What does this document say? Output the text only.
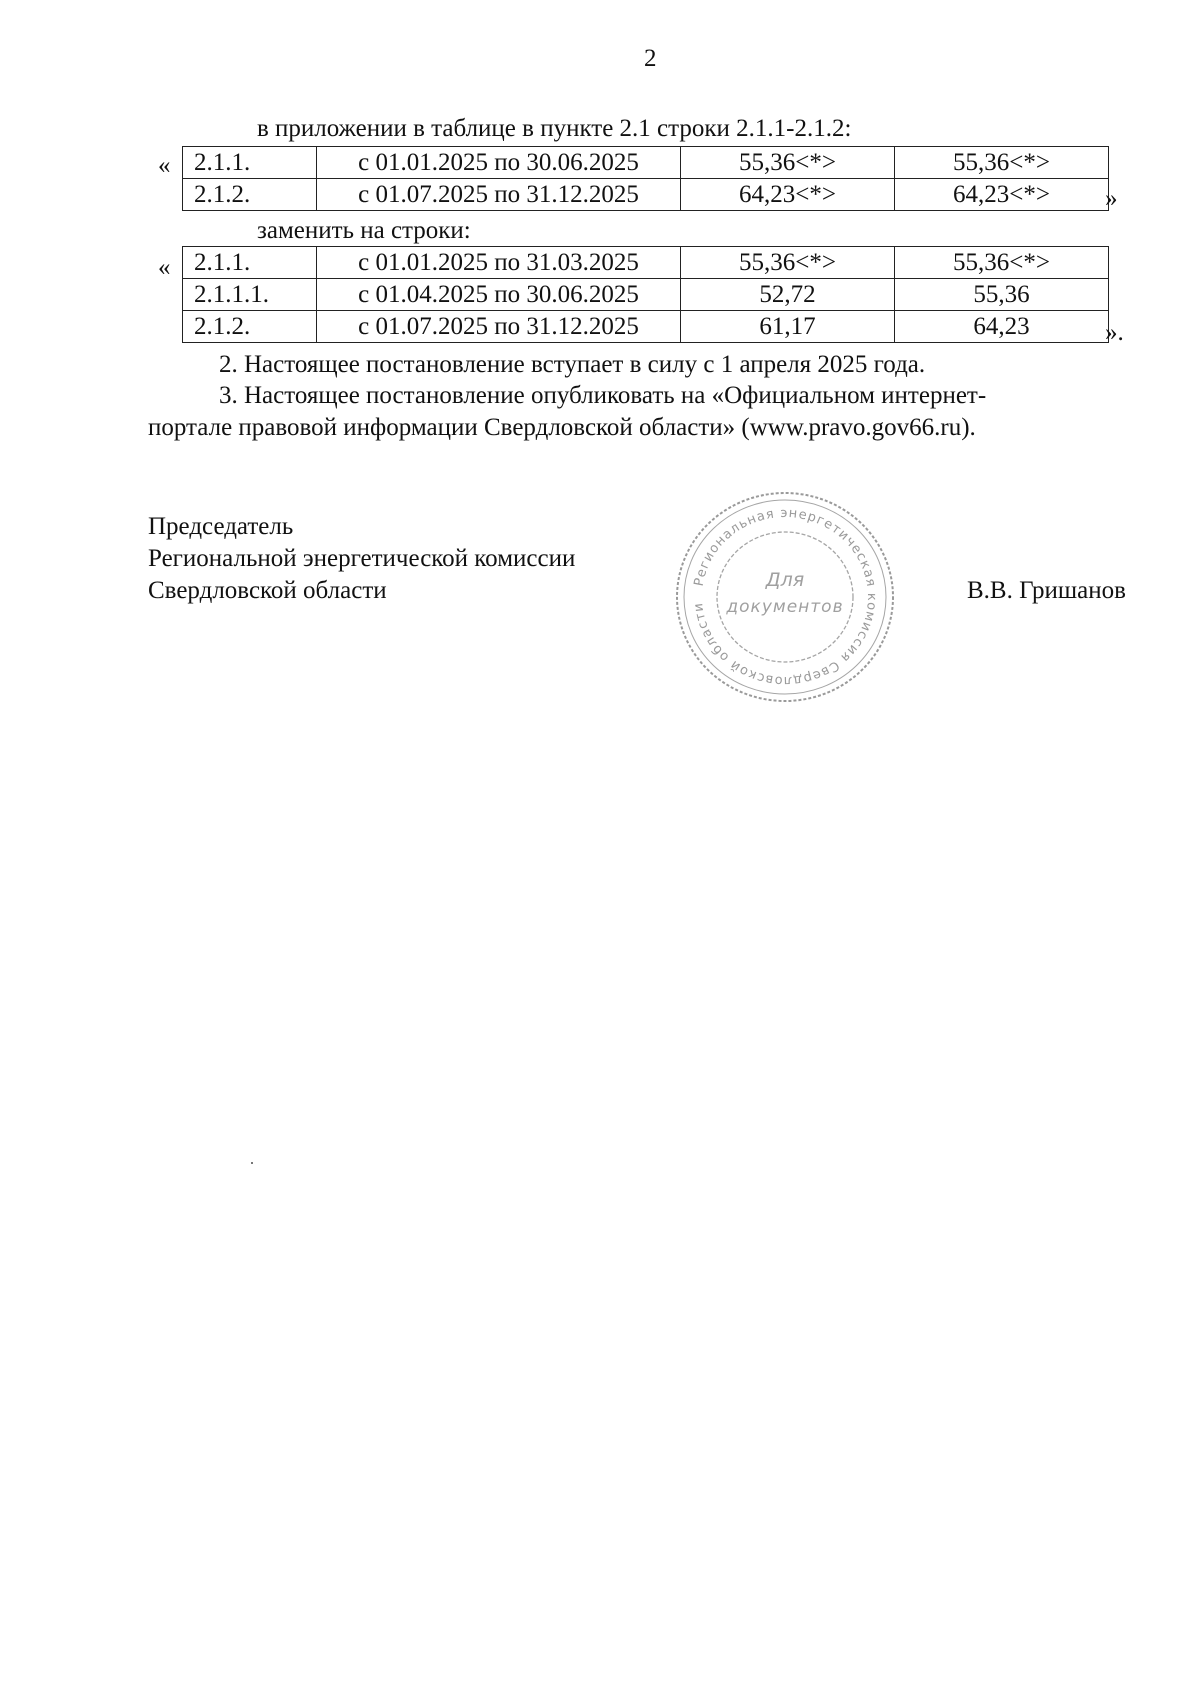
2
в приложении в таблице в пункте 2.1 строки 2.1.1-2.1.2:
« 2.1.1.	с 01.01.2025 по 30.06.2025	55,36<*>	55,36<*>
2.1.2.	с 01.07.2025 по 31.12.2025	64,23<*>	64,23<*> »
заменить на строки:
« 2.1.1.	с 01.01.2025 по 31.03.2025	55,36<*>	55,36<*>
2.1.1.1.	с 01.04.2025 по 30.06.2025	52,72	55,36
2.1.2.	с 01.07.2025 по 31.12.2025	61,17	64,23	».
2. Настоящее постановление вступает в силу с 1 апреля 2025 года.
3. Настоящее постановление опубликовать на «Официальном интернет-
портале правовой информации Свердловской области» (www.pravo.gov66.ru).
Председатель
Региональной энергетической комиссии
Свердловской области	В.В. Гришанов
Региональная энергетическая комиссия Свердловской области
Для
документов
